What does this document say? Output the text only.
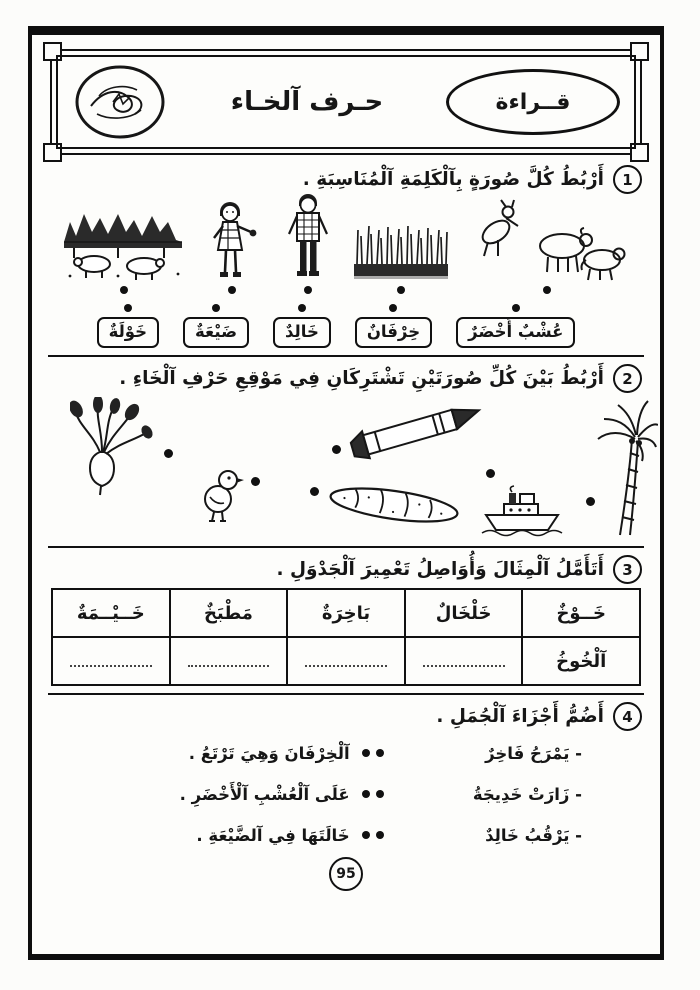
قــراءة
حـرف آلخـاء
1
أَرْبُطُ كُلَّ صُورَةٍ بِآلْكَلِمَةِ آلْمُنَاسِبَةِ .
عُشْبٌ أَخْضَرٌ
خِرْفَانٌ
خَالِدٌ
ضَيْعَةٌ
خَوْلَةٌ
2
أَرْبُطُ بَيْنَ كُلِّ صُورَتَيْنِ تَشْتَرِكَانِ فِي مَوْقِعِ حَرْفِ آلْخَاءِ .
3
أَتَأَمَّلُ آلْمِثَالَ وَأُوَاصِلُ تَعْمِيرَ آلْجَدْوَلِ .
خَــوْخٌ	خَلْخَالٌ	بَاخِرَةٌ	مَطْبَخٌ	خَــيْــمَةٌ
آلْخُوخُ				
4
أَضُمُّ أَجْزَاءَ آلْجُمَلِ .
- يَمْرَحُ فَاخِرٌ
- زَارَتْ خَدِيجَةُ
- يَرْقُبُ خَالِدٌ
آلْخِرْفَانَ وَهِيَ تَرْتَعُ .
عَلَى آلْعُشْبِ آلْأَخْضَرِ .
خَالَتَهَا فِي آلضَّيْعَةِ .
95
